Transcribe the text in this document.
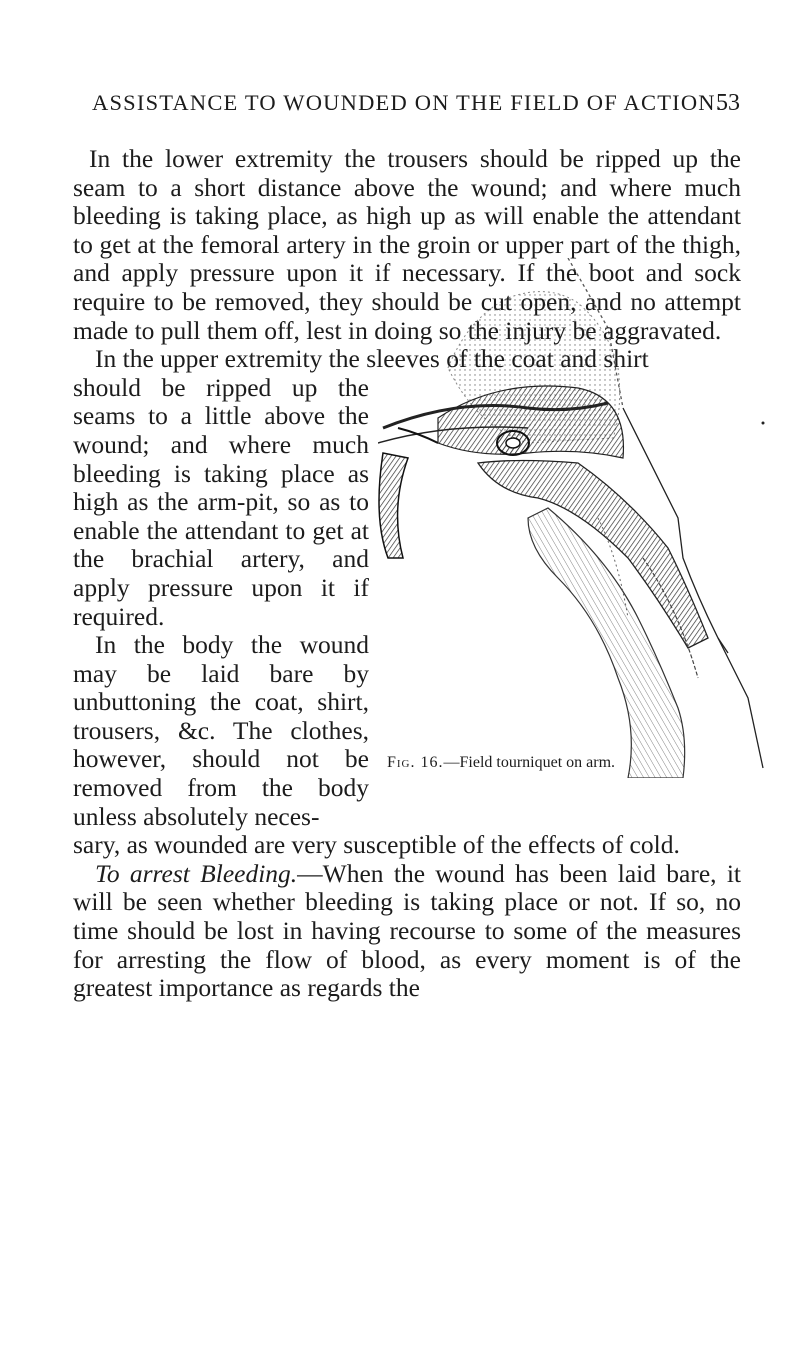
ASSISTANCE TO WOUNDED ON THE FIELD OF ACTION.
53

In the lower extremity the trousers should be ripped up the seam to a short distance above the wound; and where much bleeding is taking place, as high up as will enable the attendant to get at the femoral artery in the groin or upper part of the thigh, and apply pressure upon it if necessary. If the boot and sock require to be removed, they should be cut open, and no attempt made to pull them off, lest in doing so the injury be aggravated.

In the upper extremity the sleeves of the coat and shirt

should be ripped up the seams to a little above the wound; and where much bleeding is taking place as high as the arm-pit, so as to enable the attendant to get at the brachial artery, and apply pressure upon it if required.

In the body the wound may be laid bare by unbuttoning the coat, shirt, trousers, &c. The clothes, however, should not be removed from the body unless absolutely neces-

sary, as wounded are very susceptible of the effects of cold.

To arrest Bleeding.—When the wound has been laid bare, it will be seen whether bleeding is taking place or not. If so, no time should be lost in having recourse to some of the measures for arresting the flow of blood, as every moment is of the greatest importance as regards the

Fig. 16.—Field tourniquet on arm.
